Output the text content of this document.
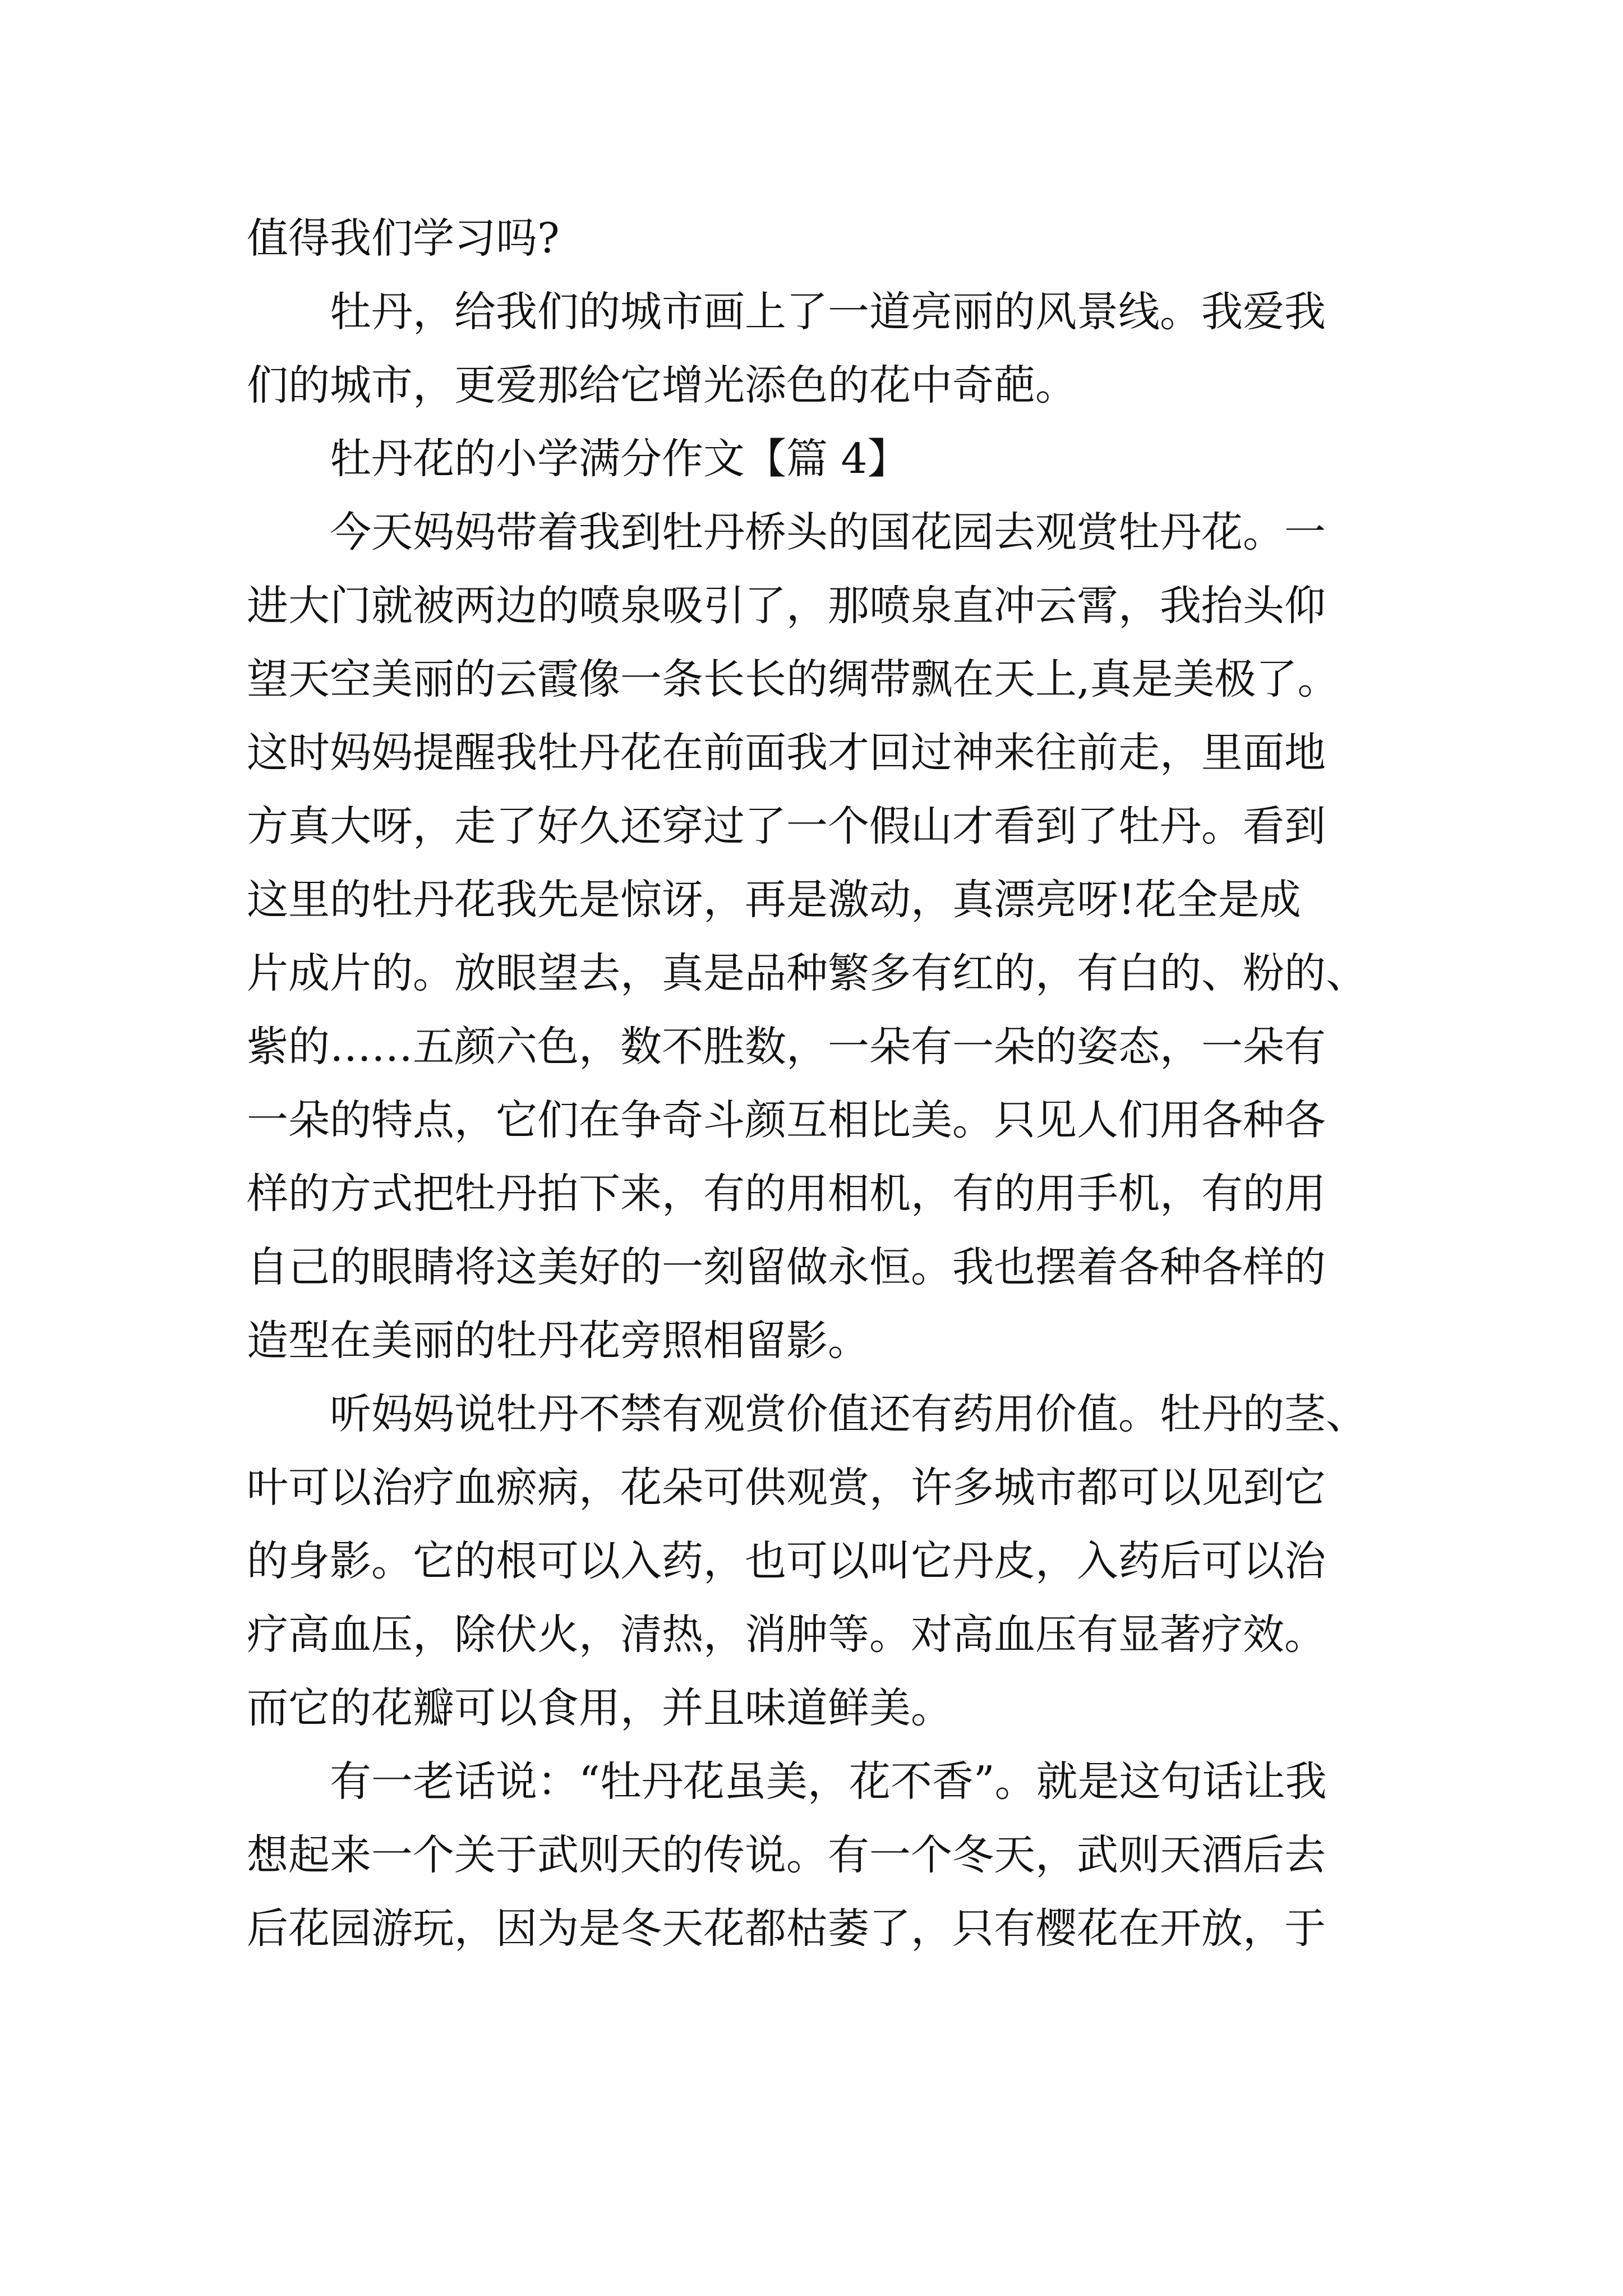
值得我们学习吗?
牡丹，给我们的城市画上了一道亮丽的风景线。我爱我
们的城市，更爱那给它增光添色的花中奇葩。
牡丹花的小学满分作文【篇 4】
今天妈妈带着我到牡丹桥头的国花园去观赏牡丹花。一
进大门就被两边的喷泉吸引了，那喷泉直冲云霄，我抬头仰
望天空美丽的云霞像一条长长的绸带飘在天上,真是美极了。
这时妈妈提醒我牡丹花在前面我才回过神来往前走，里面地
方真大呀，走了好久还穿过了一个假山才看到了牡丹。看到
这里的牡丹花我先是惊讶，再是激动，真漂亮呀!花全是成
片成片的。放眼望去，真是品种繁多有红的，有白的、粉的、
紫的……五颜六色，数不胜数，一朵有一朵的姿态，一朵有
一朵的特点，它们在争奇斗颜互相比美。只见人们用各种各
样的方式把牡丹拍下来，有的用相机，有的用手机，有的用
自己的眼睛将这美好的一刻留做永恒。我也摆着各种各样的
造型在美丽的牡丹花旁照相留影。
听妈妈说牡丹不禁有观赏价值还有药用价值。牡丹的茎、
叶可以治疗血瘀病，花朵可供观赏，许多城市都可以见到它
的身影。它的根可以入药，也可以叫它丹皮，入药后可以治
疗高血压，除伏火，清热，消肿等。对高血压有显著疗效。
而它的花瓣可以食用，并且味道鲜美。
有一老话说：“牡丹花虽美，花不香”。就是这句话让我
想起来一个关于武则天的传说。有一个冬天，武则天酒后去
后花园游玩，因为是冬天花都枯萎了，只有樱花在开放，于
